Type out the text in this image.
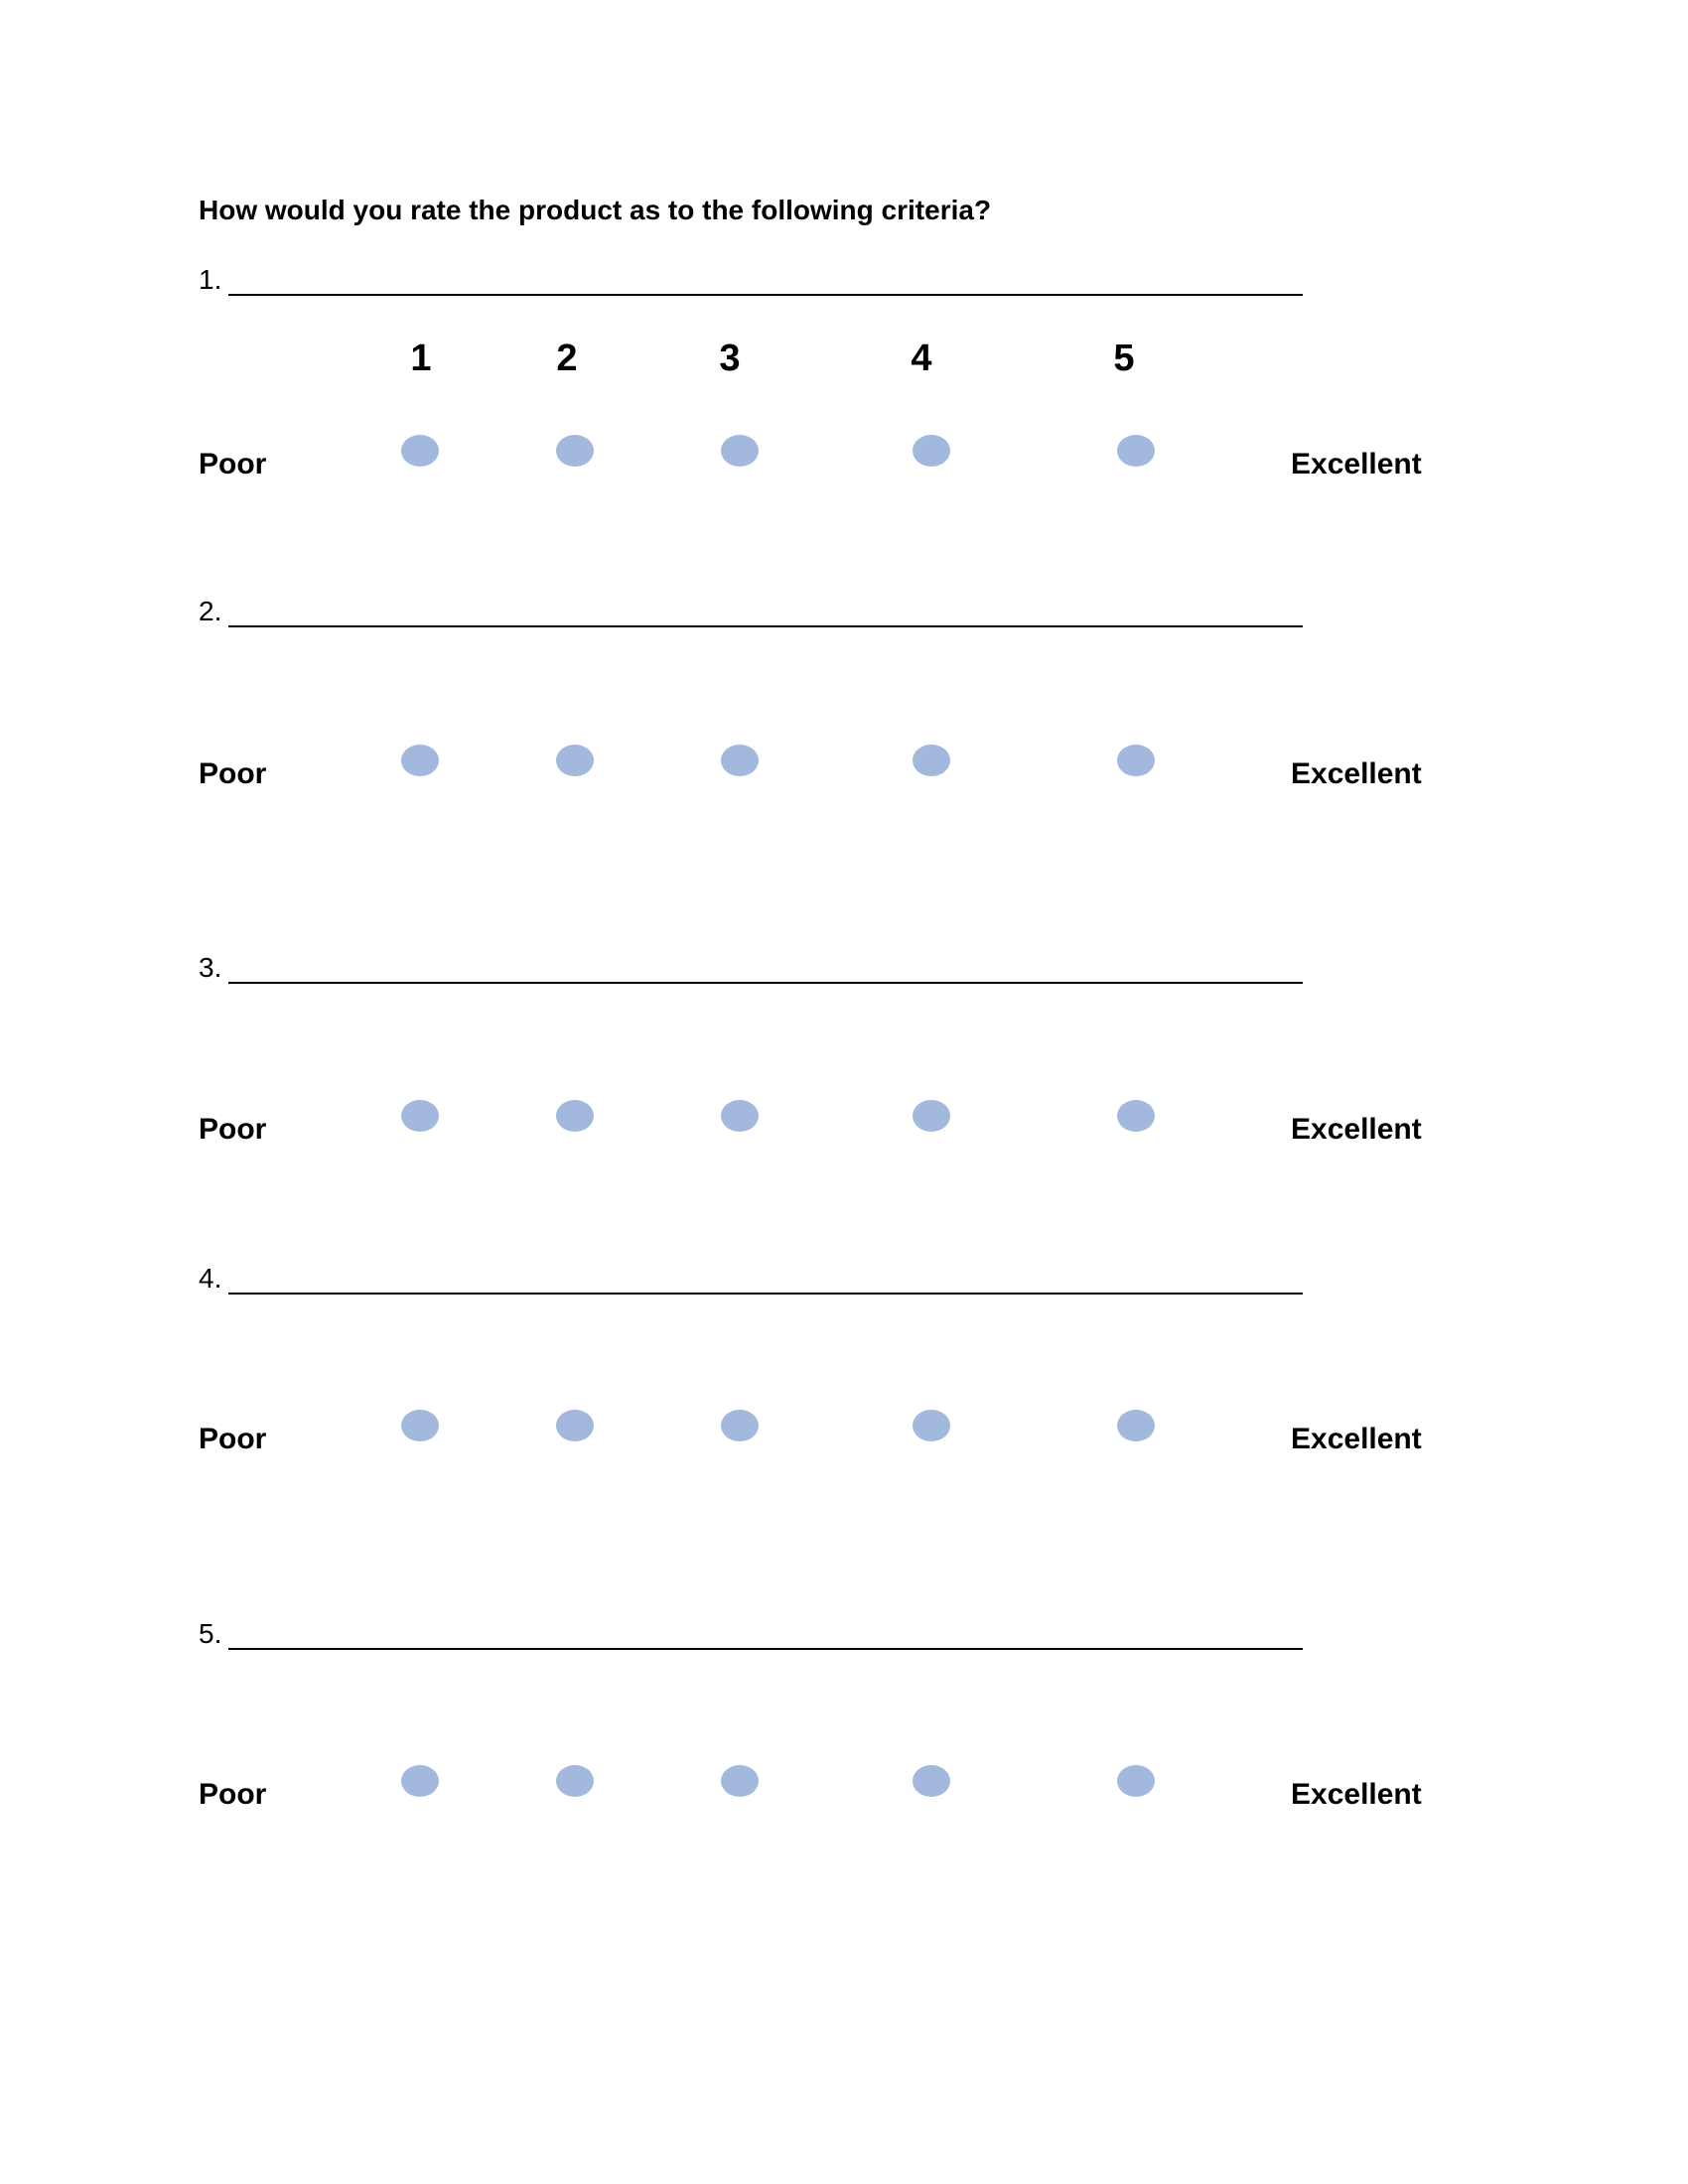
How would you rate the product as to the following criteria?
1.
1	2	3	4	5
Poor	Excellent
2.
Poor	Excellent
3.
Poor	Excellent
4.
Poor	Excellent
5.
Poor	Excellent
